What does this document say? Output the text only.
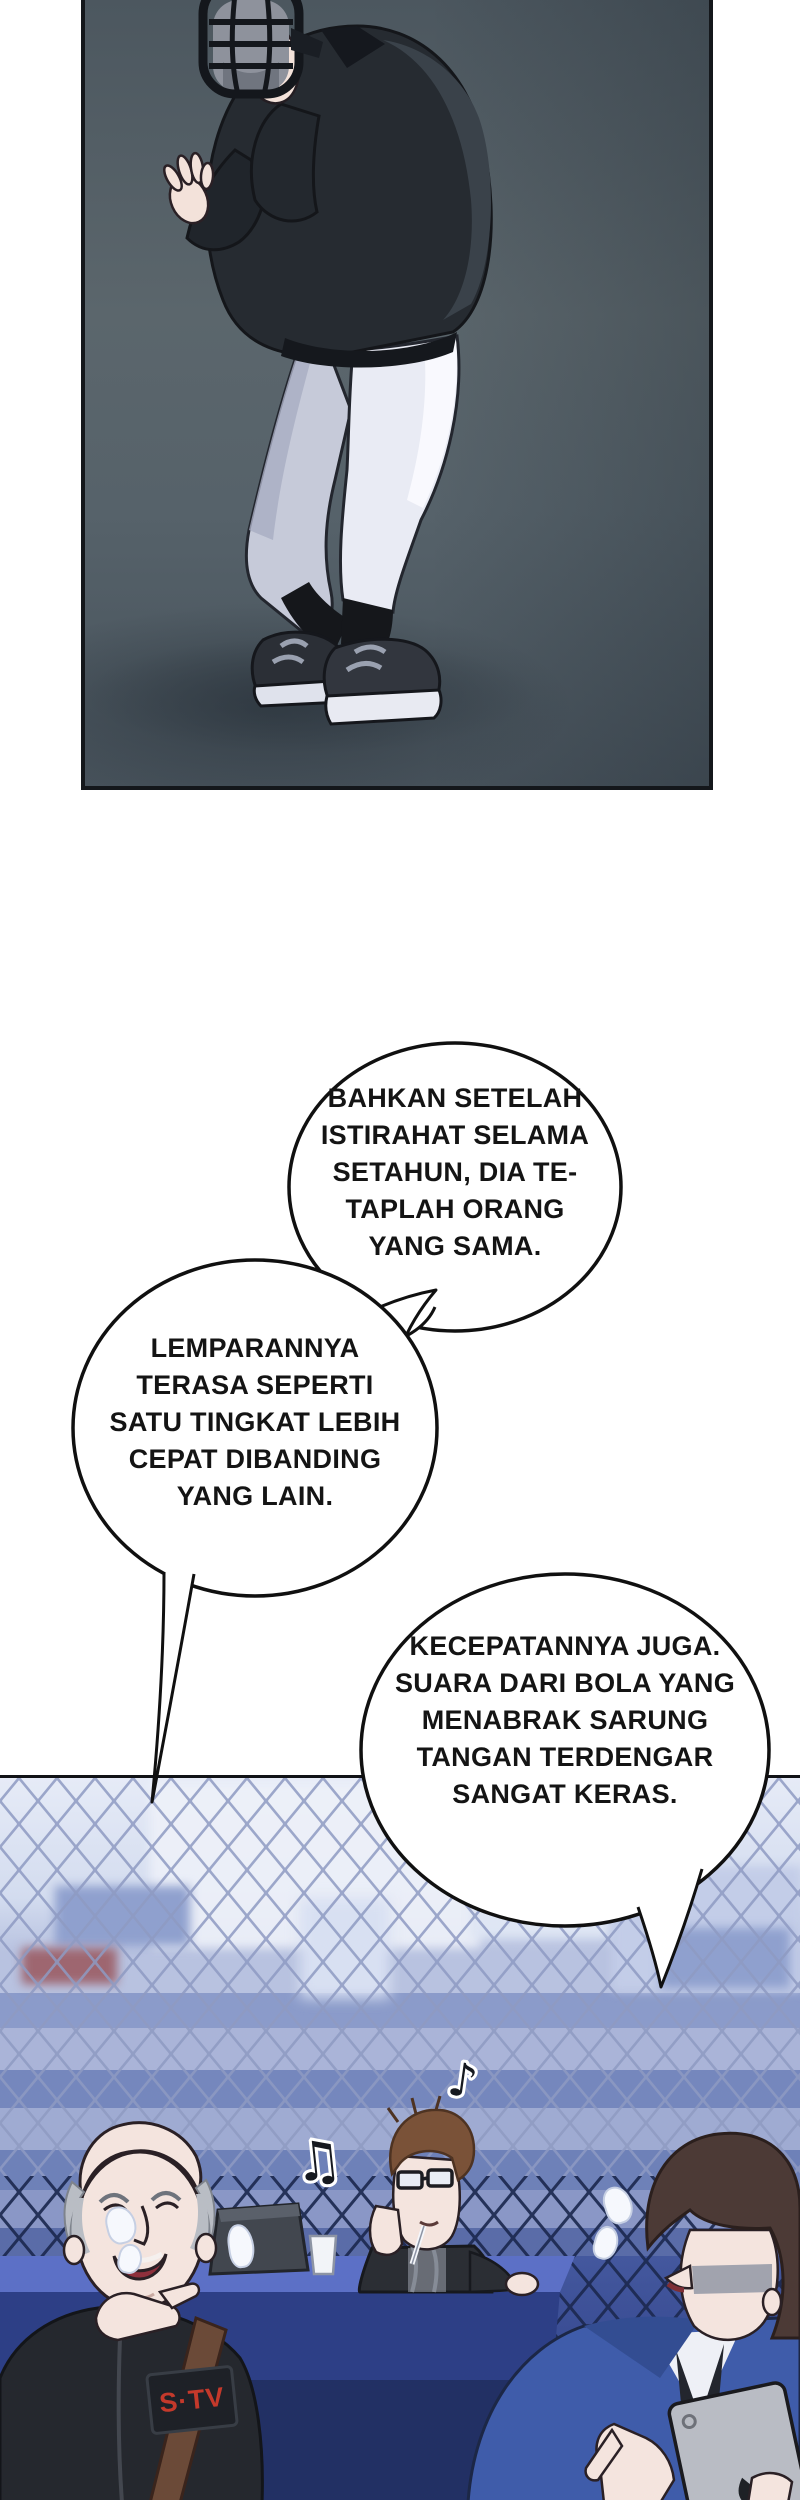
♫
♪
S·TV
BAHKAN SETELAH
ISTIRAHAT SELAMA
SETAHUN, DIA TE-
TAPLAH ORANG
YANG SAMA.
LEMPARANNYA
TERASA SEPERTI
SATU TINGKAT LEBIH
CEPAT DIBANDING
YANG LAIN.
KECEPATANNYA JUGA.
SUARA DARI BOLA YANG
MENABRAK SARUNG
TANGAN TERDENGAR
SANGAT KERAS.
